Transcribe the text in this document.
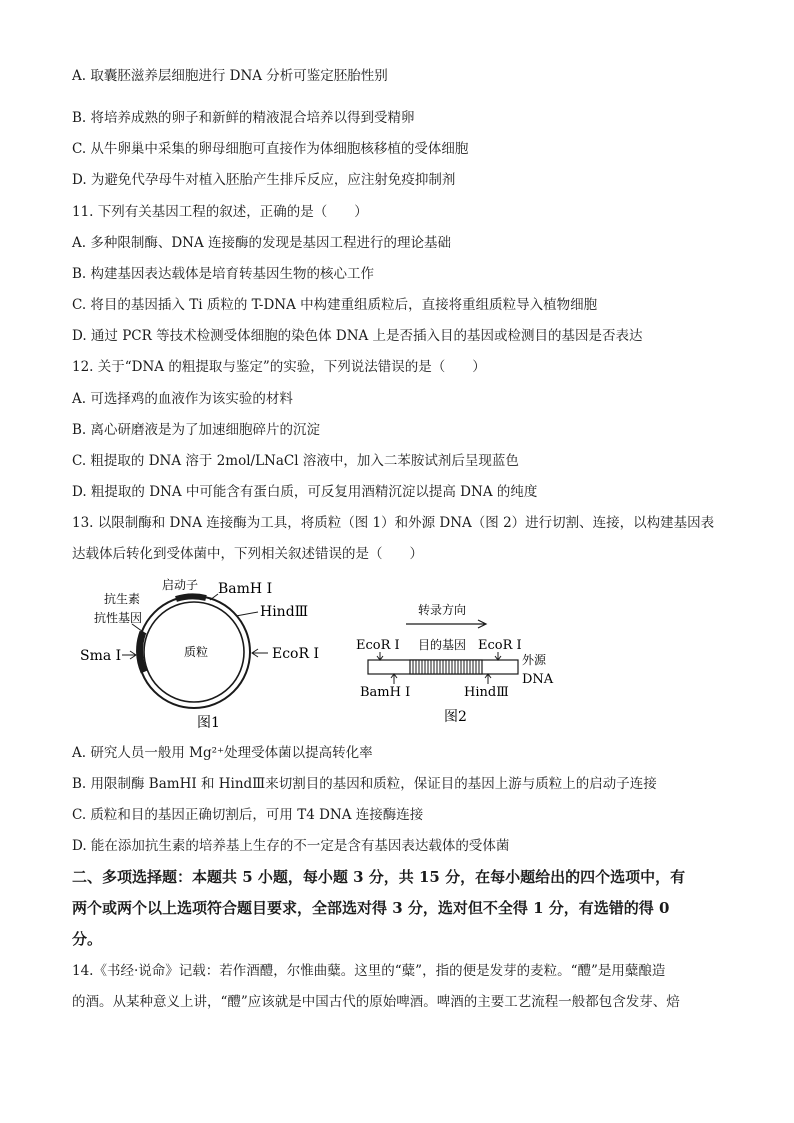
A. 取囊胚滋养层细胞进行 DNA 分析可鉴定胚胎性别
B. 将培养成熟的卵子和新鲜的精液混合培养以得到受精卵
C. 从牛卵巢中采集的卵母细胞可直接作为体细胞核移植的受体细胞
D. 为避免代孕母牛对植入胚胎产生排斥反应，应注射免疫抑制剂
11. 下列有关基因工程的叙述，正确的是（　　）
A. 多种限制酶、DNA 连接酶的发现是基因工程进行的理论基础
B. 构建基因表达载体是培育转基因生物的核心工作
C. 将目的基因插入 Ti 质粒的 T-DNA 中构建重组质粒后，直接将重组质粒导入植物细胞
D. 通过 PCR 等技术检测受体细胞的染色体 DNA 上是否插入目的基因或检测目的基因是否表达
12. 关于“DNA 的粗提取与鉴定”的实验，下列说法错误的是（　　）
A. 可选择鸡的血液作为该实验的材料
B. 离心研磨液是为了加速细胞碎片的沉淀
C. 粗提取的 DNA 溶于 2mol/LNaCl 溶液中，加入二苯胺试剂后呈现蓝色
D. 粗提取的 DNA 中可能含有蛋白质，可反复用酒精沉淀以提高 DNA 的纯度
13. 以限制酶和 DNA 连接酶为工具，将质粒（图 1）和外源 DNA（图 2）进行切割、连接，以构建基因表
达载体后转化到受体菌中，下列相关叙述错误的是（　　）
质粒
启动子
抗生素
抗性基因
BamH Ⅰ
HindⅢ
EcoR Ⅰ
Sma Ⅰ
图1
转录方向
EcoR Ⅰ 目的基因 EcoR Ⅰ
外源
DNA
BamH Ⅰ	HindⅢ
图2
A. 研究人员一般用 Mg²⁺处理受体菌以提高转化率
B. 用限制酶 BamHI 和 HindⅢ来切割目的基因和质粒，保证目的基因上游与质粒上的启动子连接
C. 质粒和目的基因正确切割后，可用 T4 DNA 连接酶连接
D. 能在添加抗生素的培养基上生存的不一定是含有基因表达载体的受体菌
二、多项选择题：本题共 5 小题，每小题 3 分，共 15 分，在每小题给出的四个选项中，有
两个或两个以上选项符合题目要求，全部选对得 3 分，选对但不全得 1 分，有选错的得 0
分。
14.《书经·说命》记载：若作酒醴，尔惟曲糵。这里的“糵”，指的便是发芽的麦粒。“醴”是用糵酿造
的酒。从某种意义上讲，“醴”应该就是中国古代的原始啤酒。啤酒的主要工艺流程一般都包含发芽、焙
